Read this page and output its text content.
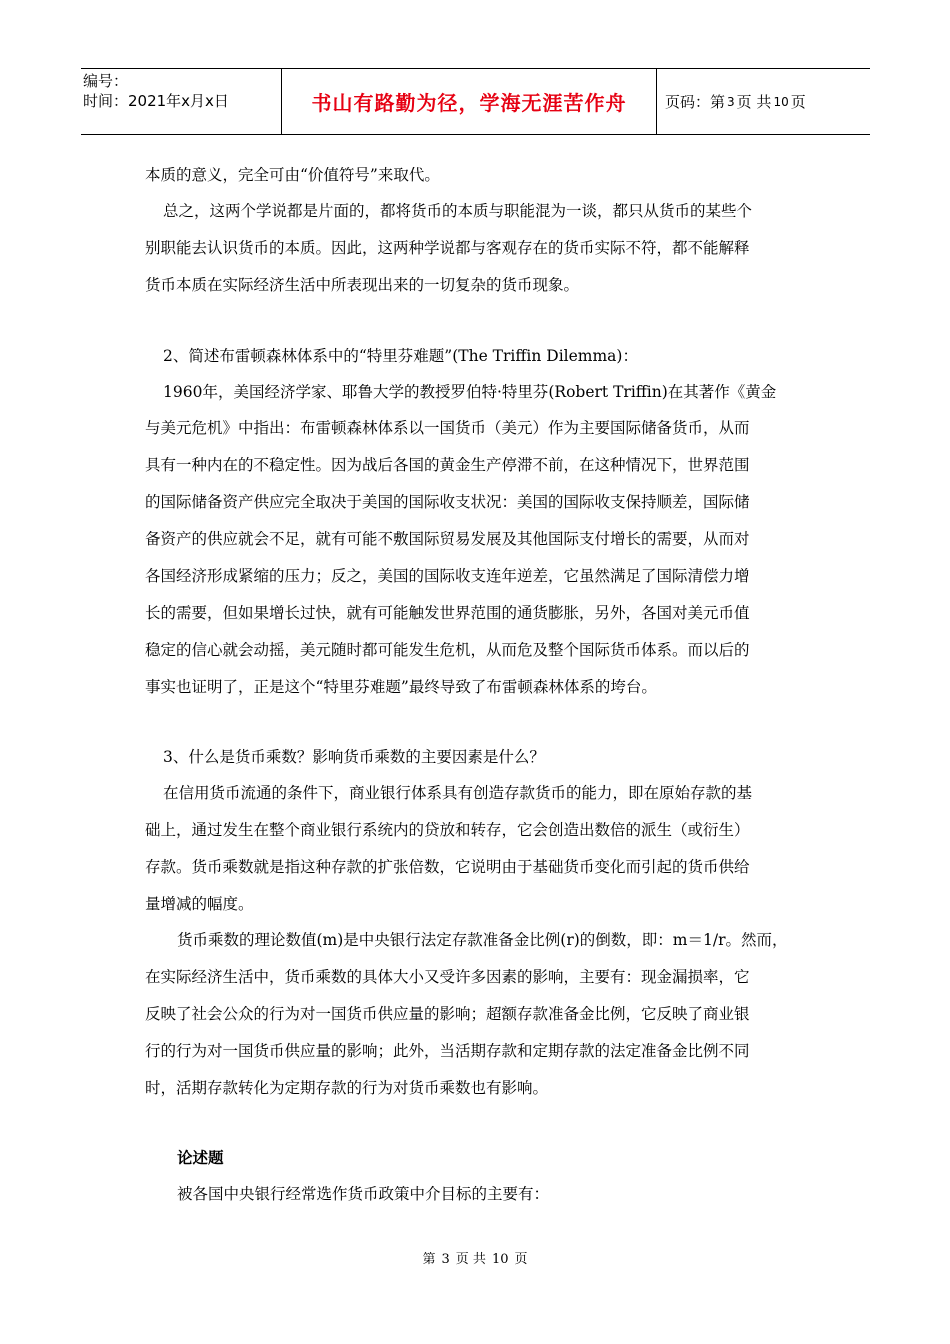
编号：
时间：2021年x月x日	书山有路勤为径，学海无涯苦作舟	页码：第 3 页 共 10 页
本质的意义，完全可由“价值符号”来取代。
总之，这两个学说都是片面的，都将货币的本质与职能混为一谈，都只从货币的某些个
别职能去认识货币的本质。因此，这两种学说都与客观存在的货币实际不符，都不能解释
货币本质在实际经济生活中所表现出来的一切复杂的货币现象。
2、简述布雷顿森林体系中的“特里芬难题”(The Triffin Dilemma)：
1960年，美国经济学家、耶鲁大学的教授罗伯特·特里芬(Robert Triffin)在其著作《黄金
与美元危机》中指出：布雷顿森林体系以一国货币（美元）作为主要国际储备货币，从而
具有一种内在的不稳定性。因为战后各国的黄金生产停滞不前，在这种情况下，世界范围
的国际储备资产供应完全取决于美国的国际收支状况：美国的国际收支保持顺差，国际储
备资产的供应就会不足，就有可能不敷国际贸易发展及其他国际支付增长的需要，从而对
各国经济形成紧缩的压力；反之，美国的国际收支连年逆差，它虽然满足了国际清偿力增
长的需要，但如果增长过快，就有可能触发世界范围的通货膨胀，另外，各国对美元币值
稳定的信心就会动摇，美元随时都可能发生危机，从而危及整个国际货币体系。而以后的
事实也证明了，正是这个“特里芬难题”最终导致了布雷顿森林体系的垮台。
3、什么是货币乘数？影响货币乘数的主要因素是什么？
在信用货币流通的条件下，商业银行体系具有创造存款货币的能力，即在原始存款的基
础上，通过发生在整个商业银行系统内的贷放和转存，它会创造出数倍的派生（或衍生）
存款。货币乘数就是指这种存款的扩张倍数，它说明由于基础货币变化而引起的货币供给
量增减的幅度。
货币乘数的理论数值(m)是中央银行法定存款准备金比例(r)的倒数，即：m＝1/r。然而，
在实际经济生活中，货币乘数的具体大小又受许多因素的影响，主要有：现金漏损率，它
反映了社会公众的行为对一国货币供应量的影响；超额存款准备金比例，它反映了商业银
行的行为对一国货币供应量的影响；此外，当活期存款和定期存款的法定准备金比例不同
时，活期存款转化为定期存款的行为对货币乘数也有影响。
论述题
被各国中央银行经常选作货币政策中介目标的主要有：
第 3 页 共 10 页
